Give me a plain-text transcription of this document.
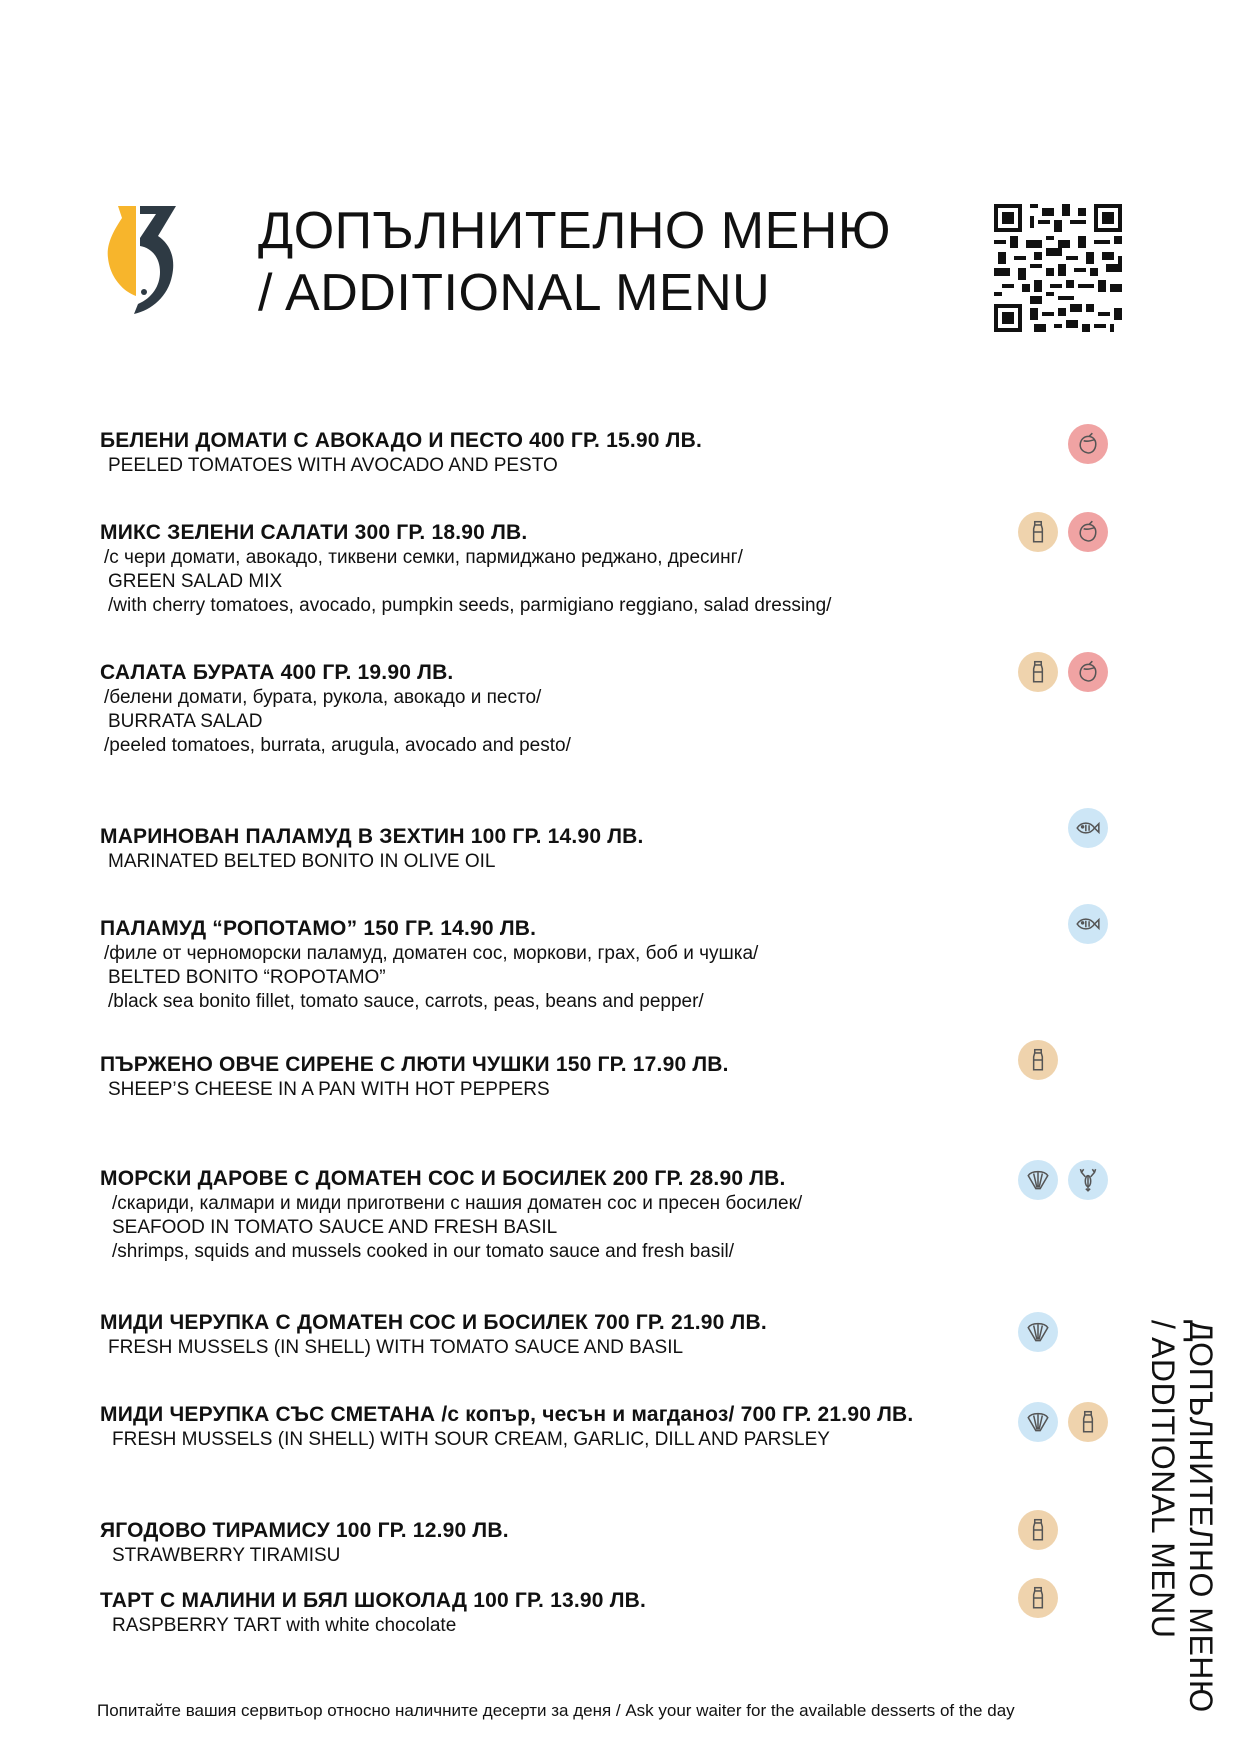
ДОПЪЛНИТЕЛНО МЕНЮ
/ ADDITIONAL MENU
БЕЛЕНИ ДОМАТИ С АВОКАДО И ПЕСТО 400 ГР. 15.90 ЛВ.
PEELED TOMATOES WITH AVOCADO AND PESTO
МИКС ЗЕЛЕНИ САЛАТИ 300 ГР. 18.90 ЛВ.
/с чери домати, авокадо, тиквени семки, пармиджано реджано, дресинг/
GREEN SALAD MIX
/with cherry tomatoes, avocado, pumpkin seeds, parmigiano reggiano, salad dressing/
САЛАТА БУРАТА 400 ГР. 19.90 ЛВ.
/белени домати, бурата, рукола, авокадо и песто/
BURRATA SALAD
/peeled tomatoes, burrata, arugula, avocado and pesto/
МАРИНОВАН ПАЛАМУД В ЗЕХТИН 100 ГР. 14.90 ЛВ.
MARINATED BELTED BONITO IN OLIVE OIL
ПАЛАМУД “РОПОТАМО” 150 ГР. 14.90 ЛВ.
/филе от черноморски паламуд, доматен сос, моркови, грах, боб и чушка/
BELTED BONITO “ROPOTAMO”
/black sea bonito fillet, tomato sauce, carrots, peas, beans and pepper/
ПЪРЖЕНО ОВЧЕ СИРЕНЕ С ЛЮТИ ЧУШКИ 150 ГР. 17.90 ЛВ.
SHEEP’S CHEESE IN A PAN WITH HOT PEPPERS
МОРСКИ ДАРОВЕ С ДОМАТЕН СОС И БОСИЛЕК 200 ГР. 28.90 ЛВ.
/скариди, калмари и миди приготвени с нашия доматен сос и пресен босилек/
SEAFOOD IN TOMATO SAUCE AND FRESH BASIL
/shrimps, squids and mussels cooked in our tomato sauce and fresh basil/
МИДИ ЧЕРУПКА С ДОМАТЕН СОС И БОСИЛЕК 700 ГР. 21.90 ЛВ.
FRESH MUSSELS (IN SHELL) WITH TOMATO SAUCE AND BASIL
МИДИ ЧЕРУПКА СЪС СМЕТАНА /с копър, чесън и магданоз/ 700 ГР. 21.90 ЛВ.
FRESH MUSSELS (IN SHELL) WITH SOUR CREAM, GARLIC, DILL AND PARSLEY
ЯГОДОВО ТИРАМИСУ 100 ГР. 12.90 ЛВ.
STRAWBERRY TIRAMISU
ТАРТ С МАЛИНИ И БЯЛ ШОКОЛАД 100 ГР. 13.90 ЛВ.
RASPBERRY TART with white chocolate	ДОПЪЛНИТЕЛНО МЕНЮ
/ ADDITIONAL MENU
Попитайте вашия сервитьор относно наличните десерти за деня / Ask your waiter for the available desserts of the day
